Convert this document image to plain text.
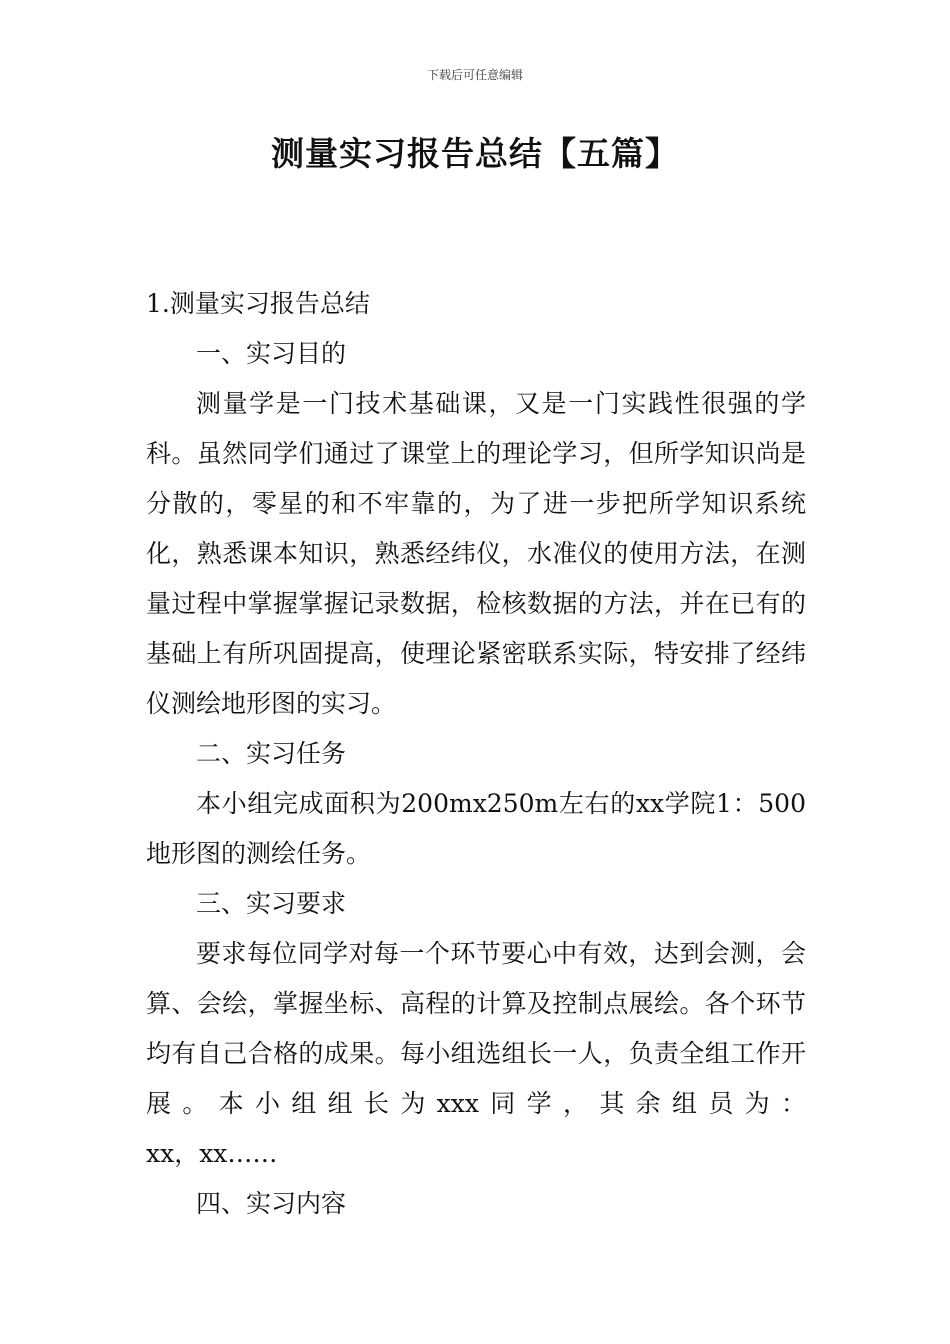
下载后可任意编辑
测量实习报告总结【五篇】

1.测量实习报告总结

一、实习目的

测量学是一门技术基础课，又是一门实践性很强的学科。虽然同学们通过了课堂上的理论学习，但所学知识尚是分散的，零星的和不牢靠的，为了进一步把所学知识系统化，熟悉课本知识，熟悉经纬仪，水准仪的使用方法，在测量过程中掌握掌握记录数据，检核数据的方法，并在已有的基础上有所巩固提高，使理论紧密联系实际，特安排了经纬仪测绘地形图的实习。

二、实习任务

本小组完成面积为200mx250m左右的xx学院1：500地形图的测绘任务。

三、实习要求

要求每位同学对每一个环节要心中有效，达到会测，会算、会绘，掌握坐标、高程的计算及控制点展绘。各个环节均有自己合格的成果。每小组选组长一人，负责全组工作开展。本小组组长为xxx同学，其余组员为：

xx，xx……

四、实习内容
